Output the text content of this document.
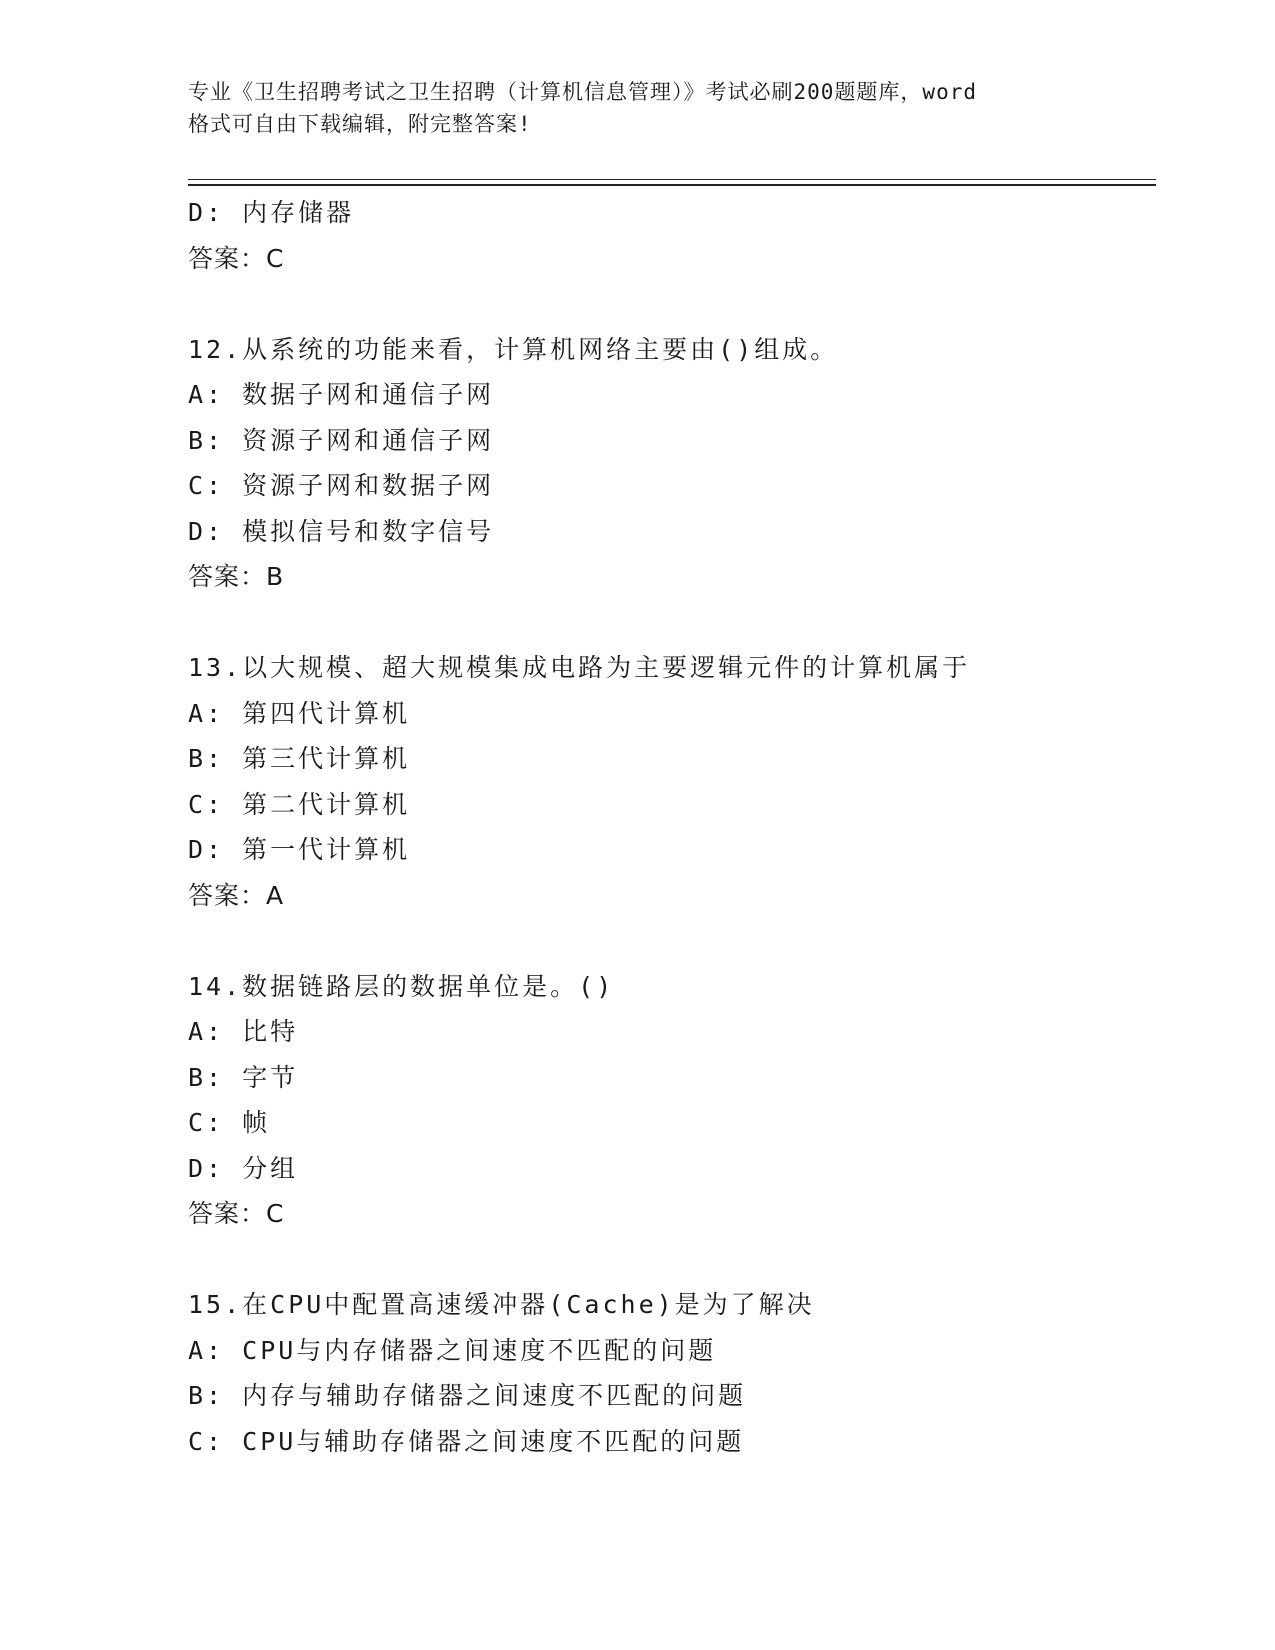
专业《卫生招聘考试之卫生招聘（计算机信息管理）》考试必刷200题题库，word
格式可自由下载编辑，附完整答案!
D: 内存储器
答案：C
12.从系统的功能来看，计算机网络主要由()组成。
A: 数据子网和通信子网
B: 资源子网和通信子网
C: 资源子网和数据子网
D: 模拟信号和数字信号
答案：B
13.以大规模、超大规模集成电路为主要逻辑元件的计算机属于
A: 第四代计算机
B: 第三代计算机
C: 第二代计算机
D: 第一代计算机
答案：A
14.数据链路层的数据单位是。()
A: 比特
B: 字节
C: 帧
D: 分组
答案：C
15.在CPU中配置高速缓冲器(Cache)是为了解决
A: CPU与内存储器之间速度不匹配的问题
B: 内存与辅助存储器之间速度不匹配的问题
C: CPU与辅助存储器之间速度不匹配的问题
